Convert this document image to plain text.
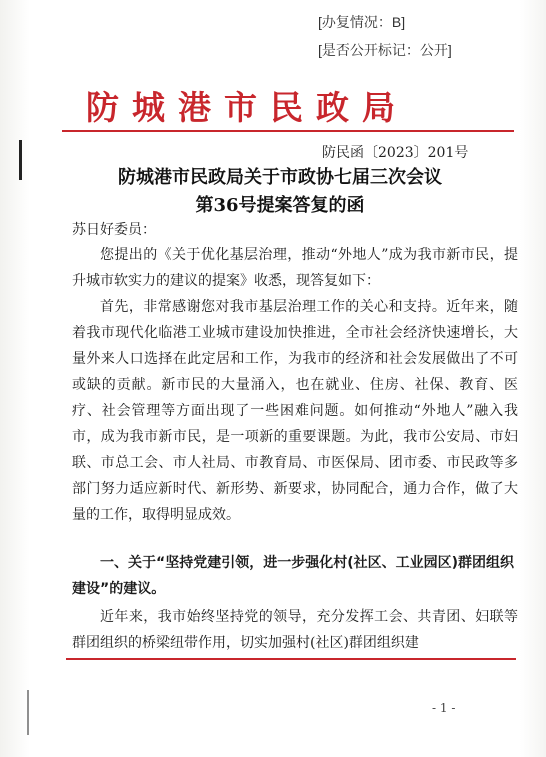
[办复情况：B]
[是否公开标记：公开]
防城港市民政局
防民函〔2023〕201号
防城港市民政局关于市政协七届三次会议
第36号提案答复的函
苏日好委员：

您提出的《关于优化基层治理，推动“外地人”成为我市新市民，提升城市软实力的建议的提案》收悉，现答复如下：

首先，非常感谢您对我市基层治理工作的关心和支持。近年来，随着我市现代化临港工业城市建设加快推进，全市社会经济快速增长，大量外来人口选择在此定居和工作，为我市的经济和社会发展做出了不可或缺的贡献。新市民的大量涌入，也在就业、住房、社保、教育、医疗、社会管理等方面出现了一些困难问题。如何推动“外地人”融入我市，成为我市新市民，是一项新的重要课题。为此，我市公安局、市妇联、市总工会、市人社局、市教育局、市医保局、团市委、市民政等多部门努力适应新时代、新形势、新要求，协同配合，通力合作，做了大量的工作，取得明显成效。

一、关于“坚持党建引领，进一步强化村(社区、工业园区)群团组织建设”的建议。

近年来，我市始终坚持党的领导，充分发挥工会、共青团、妇联等群团组织的桥梁纽带作用，切实加强村(社区)群团组织建

- 1 -
